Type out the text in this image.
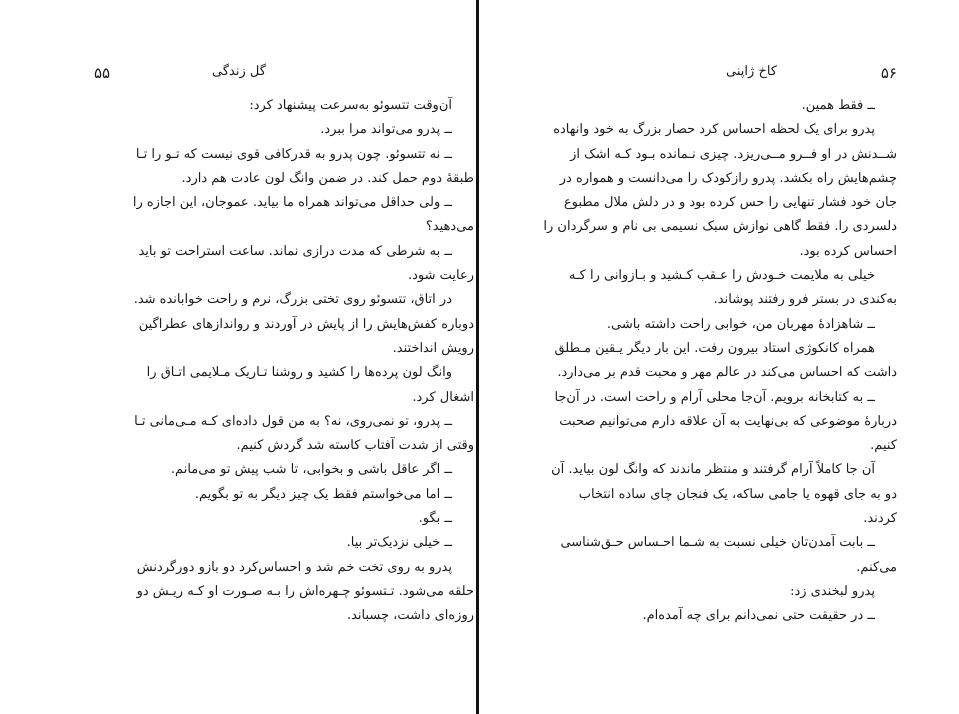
گل زندگی
۵۵
آن‌وقت تتسوئو به‌سرعت پیشنهاد کرد:
ــ پدرو می‌تواند مرا ببرد.
ــ نه تتسوئو. چون پدرو به قدرکافی قوی نیست که تـو را تـا
طبقهٔ دوم حمل کند. در ضمن وانگ لون عادت هم دارد.
ــ ولی حداقل می‌تواند همراه ما بیاید. عموجان، این اجازه را
می‌دهید؟
ــ به شرطی که مدت درازی نماند. ساعت استراحت تو باید
رعایت شود.
در اتاق، تتسوئو روی تختی بزرگ، نرم و راحت خوابانده شد.
دوباره کفش‌هایش را از پایش در آوردند و رواندازهای عطراگین
رویش انداختند.
وانگ لون پرده‌ها را کشید و روشنا تـاریک مـلایمی اتـاق را
اشغال کرد.
ــ پدرو، تو نمی‌روی، نه؟ به من قول داده‌ای کـه مـی‌مانی تـا
وقتی از شدت آفتاب کاسته شد گردش کنیم.
ــ اگر عاقل باشی و بخوابی، تا شب پیش تو می‌مانم.
ــ اما می‌خواستم فقط یک چیز دیگر به تو بگویم.
ــ بگو.
ــ خیلی نزدیک‌تر بیا.
پدرو به روی تخت خم شد و احساس‌کرد دو بازو دورگردنش
حلقه می‌شود. تـتسوئو چـهره‌اش را بـه صـورت او کـه ریـش دو
روزه‌ای داشت، چسباند.
۵۶
کاخ ژاپنی
ــ فقط همین.
پدرو برای یک لحظه احساس کرد حصار بزرگ به خود وانهاده
شــدنش در او فــرو مــی‌ریزد. چیزی نـمانده بـود کـه اشک از
چشم‌هایش راه بکشد. پدرو رازکودک را می‌دانست و همواره در
جان خود فشار تنهایی را حس کرده بود و در دلش ملال مطبوع
دلسردی را. فقط گاهی نوازش سبک نسیمی بی نام و سرگردان را
احساس کرده بود.
خیلی به ملایمت خـودش را عـقب کـشید و بـازوانی را کـه
به‌کندی در بستر فرو رفتند پوشاند.
ــ شاهزادهٔ مهربان من، خوابی راحت داشته باشی.
همراه کانکوژی استاد بیرون رفت. این بار دیگر یـقین مـطلق
داشت که احساس می‌کند در عالم مهر و محبت قدم بر می‌دارد.
ــ به کتابخانه برویم. آن‌جا محلی آرام و راحت است. در آن‌جا
دربارهٔ موضوعی که بی‌نهایت به آن علاقه دارم می‌توانیم صحبت
کنیم.
آن جا کاملاً آرام گرفتند و منتظر ماندند که وانگ لون بیاید. آن
دو به جای قهوه یا جامی ساکه، یک فنجان چای ساده انتخاب
کردند.
ــ بابت آمدن‌تان خیلی نسبت به شـما احـساس حـق‌شناسی
می‌کنم.
پدرو لبخندی زد:
ــ در حقیقت حتی نمی‌دانم برای چه آمده‌ام.
